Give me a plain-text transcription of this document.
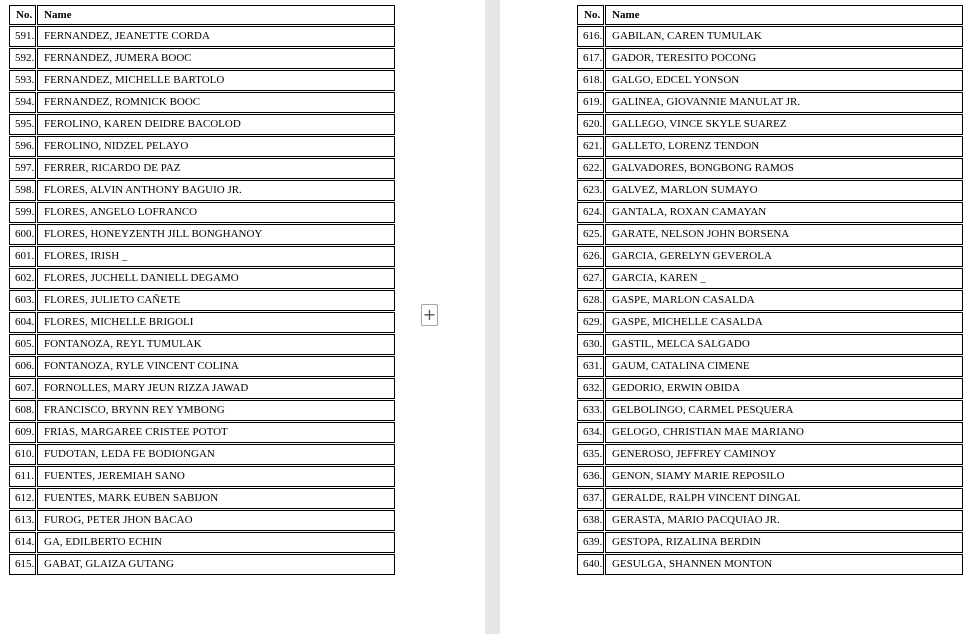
No.	Name
591.	FERNANDEZ, JEANETTE CORDA
592.	FERNANDEZ, JUMERA BOOC
593.	FERNANDEZ, MICHELLE BARTOLO
594.	FERNANDEZ, ROMNICK BOOC
595.	FEROLINO, KAREN DEIDRE BACOLOD
596.	FEROLINO, NIDZEL PELAYO
597.	FERRER, RICARDO DE PAZ
598.	FLORES, ALVIN ANTHONY BAGUIO JR.
599.	FLORES, ANGELO LOFRANCO
600.	FLORES, HONEYZENTH JILL BONGHANOY
601.	FLORES, IRISH _
602.	FLORES, JUCHELL DANIELL DEGAMO
603.	FLORES, JULIETO CAÑETE
604.	FLORES, MICHELLE BRIGOLI
605.	FONTANOZA, REYL TUMULAK
606.	FONTANOZA, RYLE VINCENT COLINA
607.	FORNOLLES, MARY JEUN RIZZA JAWAD
608.	FRANCISCO, BRYNN REY YMBONG
609.	FRIAS, MARGAREE CRISTEE POTOT
610.	FUDOTAN, LEDA FE BODIONGAN
611.	FUENTES, JEREMIAH SANO
612.	FUENTES, MARK EUBEN SABIJON
613.	FUROG, PETER JHON BACAO
614.	GA, EDILBERTO ECHIN
615.	GABAT, GLAIZA GUTANG
+
No.	Name
616.	GABILAN, CAREN TUMULAK
617.	GADOR, TERESITO POCONG
618.	GALGO, EDCEL YONSON
619.	GALINEA, GIOVANNIE MANULAT JR.
620.	GALLEGO, VINCE SKYLE SUAREZ
621.	GALLETO, LORENZ TENDON
622.	GALVADORES, BONGBONG RAMOS
623.	GALVEZ, MARLON SUMAYO
624.	GANTALA, ROXAN CAMAYAN
625.	GARATE, NELSON JOHN BORSENA
626.	GARCIA, GERELYN GEVEROLA
627.	GARCIA, KAREN _
628.	GASPE, MARLON CASALDA
629.	GASPE, MICHELLE CASALDA
630.	GASTIL, MELCA SALGADO
631.	GAUM, CATALINA CIMENE
632.	GEDORIO, ERWIN OBIDA
633.	GELBOLINGO, CARMEL PESQUERA
634.	GELOGO, CHRISTIAN MAE MARIANO
635.	GENEROSO, JEFFREY CAMINOY
636.	GENON, SIAMY MARIE REPOSILO
637.	GERALDE, RALPH VINCENT DINGAL
638.	GERASTA, MARIO PACQUIAO JR.
639.	GESTOPA, RIZALINA BERDIN
640.	GESULGA, SHANNEN MONTON
